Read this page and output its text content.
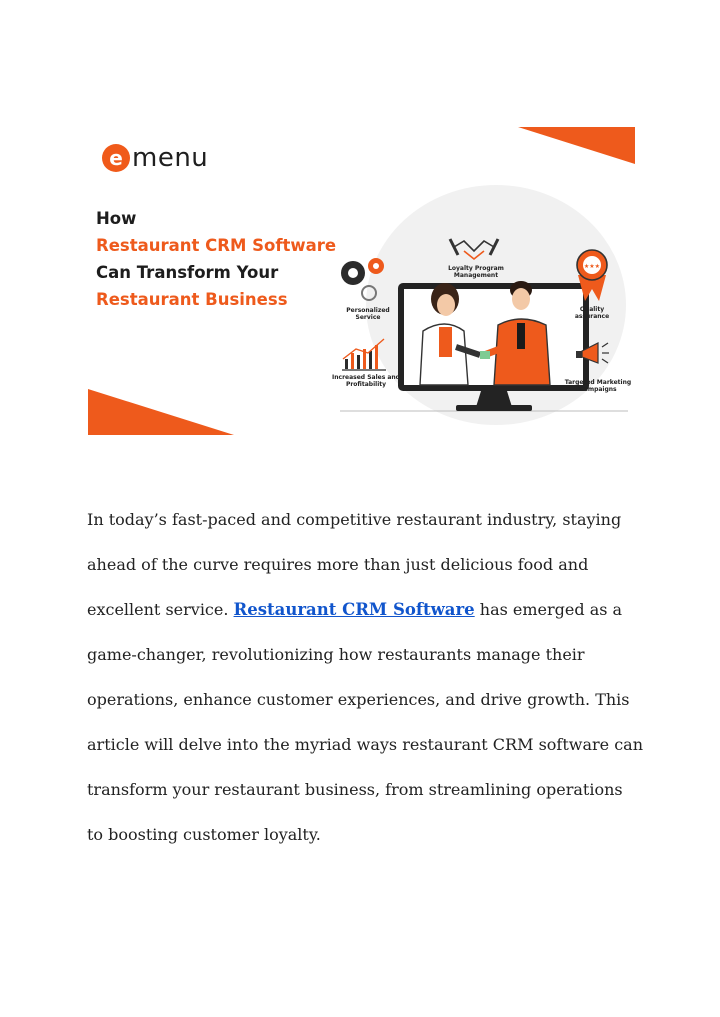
★★★
e menu
How
Restaurant CRM Software
Can Transform Your
Restaurant Business
Loyalty Program
Management
Personalized
Service
Quality
assurance
Increased Sales and
Profitability	Targeted Marketing
Campaigns
In today’s fast-paced and competitive restaurant industry, staying
ahead of the curve requires more than just delicious food and
excellent service. Restaurant CRM Software has emerged as a
game-changer, revolutionizing how restaurants manage their
operations, enhance customer experiences, and drive growth. This
article will delve into the myriad ways restaurant CRM software can
transform your restaurant business, from streamlining operations
to boosting customer loyalty.
